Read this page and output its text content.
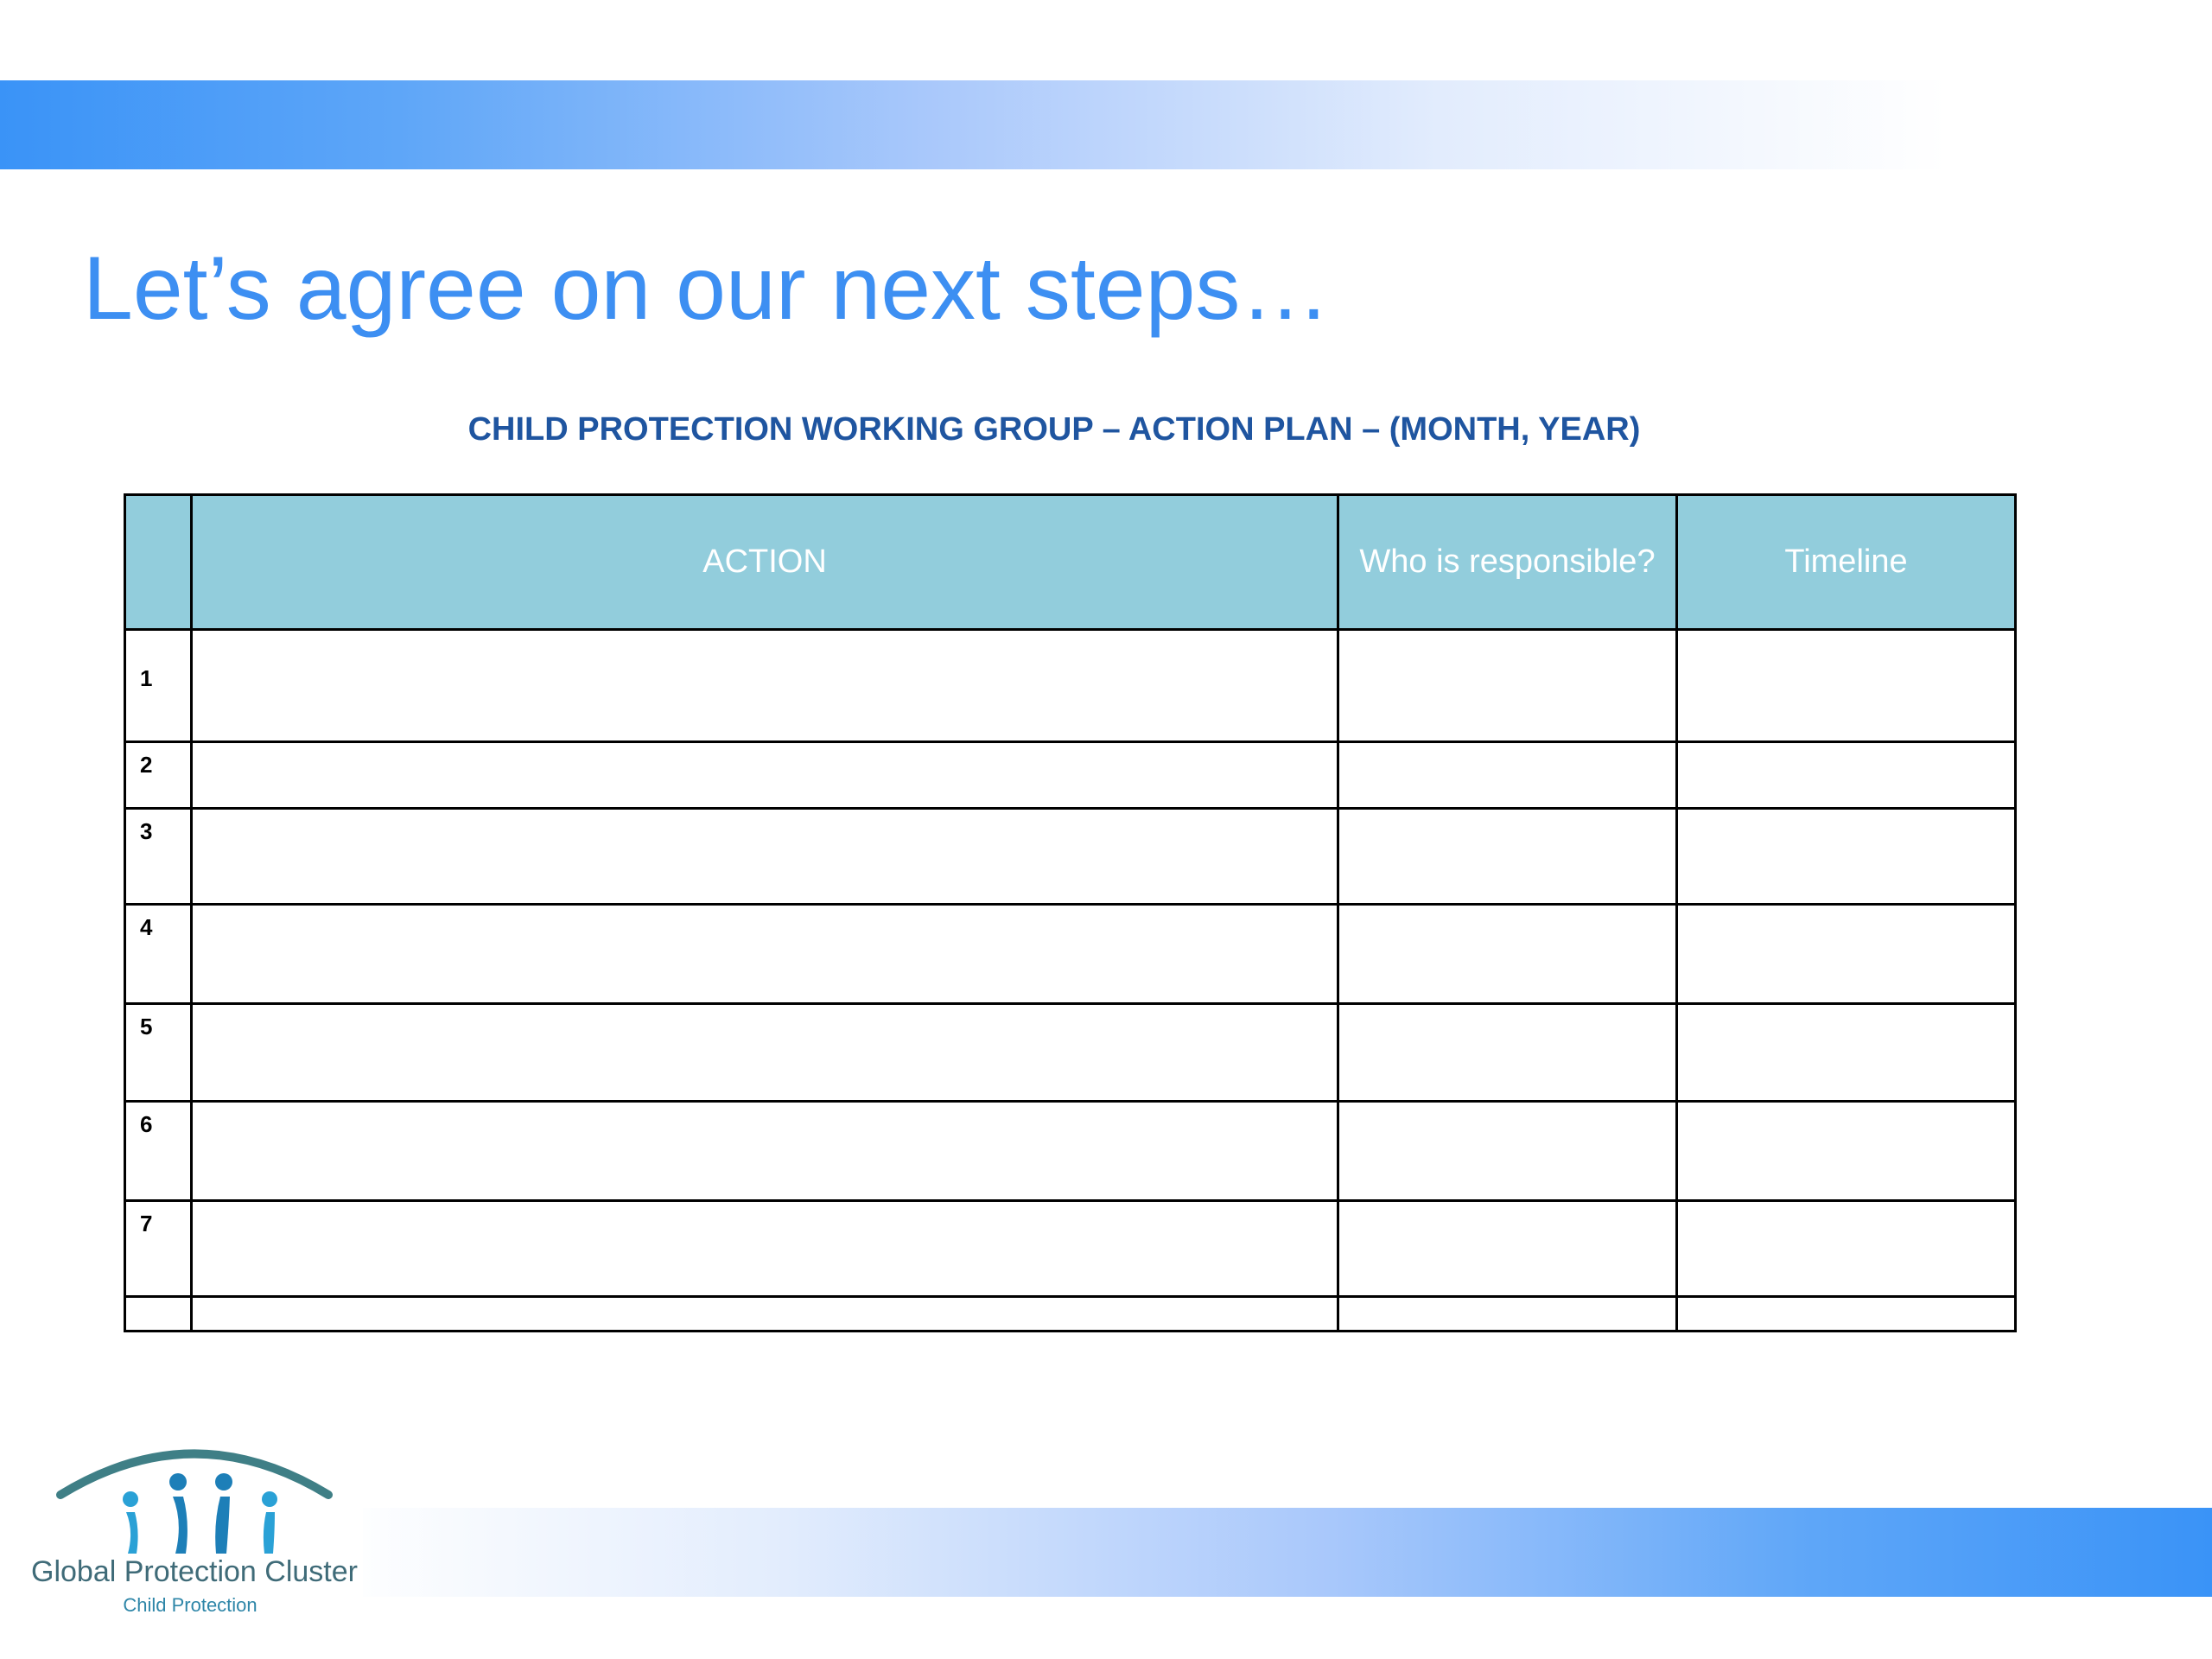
Let’s agree on our next steps…

CHILD PROTECTION WORKING GROUP – ACTION PLAN – (MONTH, YEAR)

	ACTION	Who is responsible?	Timeline
1			
2			
3			
4			
5			
6			
7			

Global Protection Cluster
Child Protection
